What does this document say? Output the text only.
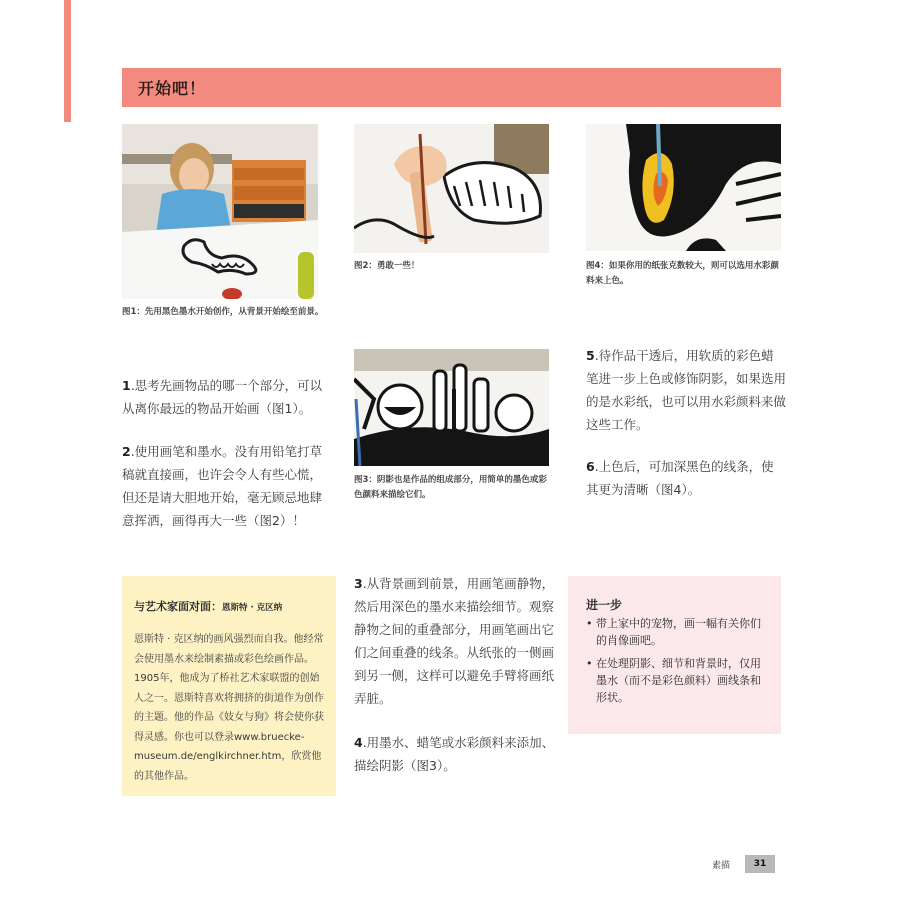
开始吧！
图1：先用黑色墨水开始创作，从背景开始绘至前景。
图2：勇敢一些！	图4：如果你用的纸张克数较大，则可以选用水彩颜料来上色。
图3：阴影也是作品的组成部分，用简单的墨色或彩色颜料来描绘它们。
1.思考先画物品的哪一个部分，可以从离你最远的物品开始画（图1）。
2.使用画笔和墨水。没有用铅笔打草稿就直接画，也许会令人有些心慌，但还是请大胆地开始，毫无顾忌地肆意挥洒，画得再大一些（图2）！
3.从背景画到前景，用画笔画静物，然后用深色的墨水来描绘细节。观察静物之间的重叠部分，用画笔画出它们之间重叠的线条。从纸张的一侧画到另一侧，这样可以避免手臂将画纸弄脏。
4.用墨水、蜡笔或水彩颜料来添加、描绘阴影（图3）。
5.待作品干透后，用软质的彩色蜡笔进一步上色或修饰阴影，如果选用的是水彩纸，也可以用水彩颜料来做这些工作。
6.上色后，可加深黑色的线条，使其更为清晰（图4）。
与艺术家面对面：恩斯特 · 克区纳
恩斯特 · 克区纳的画风强烈而自我。他经常会使用墨水来绘制素描或彩色绘画作品。1905年，他成为了桥社艺术家联盟的创始人之一。恩斯特喜欢将拥挤的街道作为创作的主题。他的作品《妓女与狗》将会使你获得灵感。你也可以登录www.bruecke-museum.de/englkirchner.htm，欣赏他的其他作品。
进一步
• 带上家中的宠物，画一幅有关你们的肖像画吧。
• 在处理阴影、细节和背景时，仅用墨水（而不是彩色颜料）画线条和形状。
素描	31
